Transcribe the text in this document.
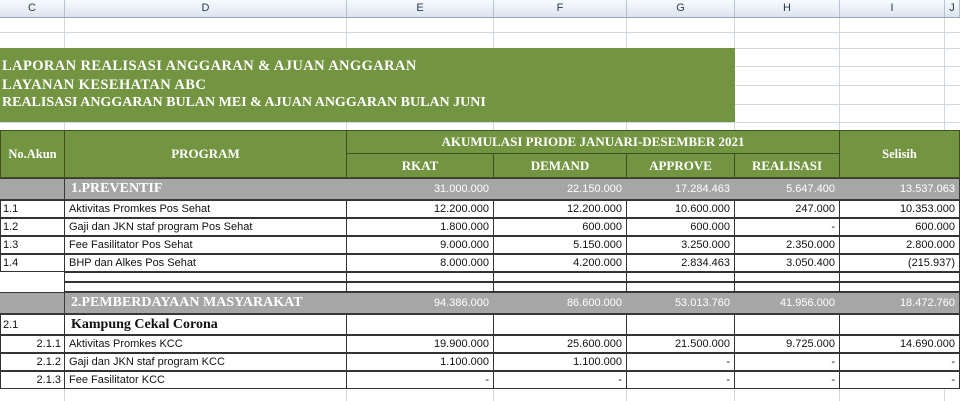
C	D	E	F	G	H	I	J
LAPORAN REALISASI ANGGARAN & AJUAN ANGGARAN
LAYANAN KESEHATAN ABC
REALISASI ANGGARAN BULAN MEI & AJUAN ANGGARAN BULAN JUNI
No.Akun	PROGRAM
AKUMULASI PRIODE JANUARI-DESEMBER 2021
RKAT	DEMAND	APPROVE	REALISASI
Selisih
1.PREVENTIF	31.000.000	22.150.000	17.284.463	5.647.400	13.537.063
1.1	Aktivitas Promkes Pos Sehat	12.200.000	12.200.000	10.600.000	247.000	10.353.000
1.2	Gaji dan JKN staf program Pos Sehat	1.800.000	600.000	600.000	-	600.000
1.3	Fee Fasilitator Pos Sehat	9.000.000	5.150.000	3.250.000	2.350.000	2.800.000
1.4	BHP dan Alkes Pos Sehat	8.000.000	4.200.000	2.834.463	3.050.400	(215.937)
2.PEMBERDAYAAN MASYARAKAT	94.386.000	86.600.000	53.013.760	41.956.000	18.472.760
2.1	Kampung Cekal Corona
2.1.1 Aktivitas Promkes KCC	19.900.000	25.600.000	21.500.000	9.725.000	14.690.000
2.1.2 Gaji dan JKN staf program KCC	1.100.000	1.100.000	-	-	-
2.1.3 Fee Fasilitator KCC	-	-	-	-	-
